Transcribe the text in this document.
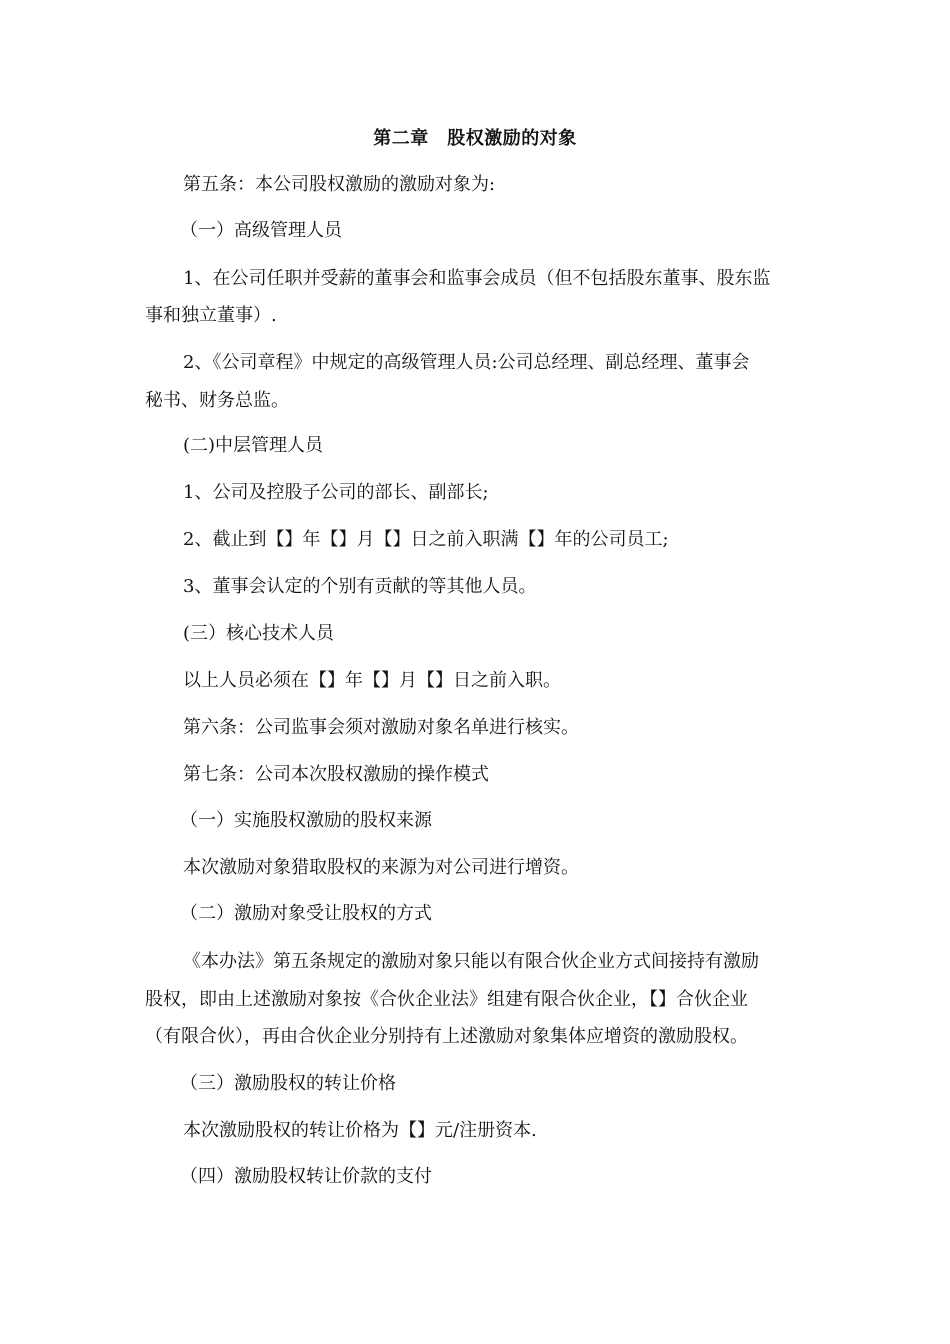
第二章　股权激励的对象
第五条：本公司股权激励的激励对象为:
（一）高级管理人员
1、在公司任职并受薪的董事会和监事会成员（但不包括股东董事、股东监
事和独立董事）.
2、《公司章程》中规定的高级管理人员:公司总经理、副总经理、董事会
秘书、财务总监。
(二)中层管理人员
1、公司及控股子公司的部长、副部长;
2、截止到【】年【】月【】日之前入职满【】年的公司员工;
3、董事会认定的个别有贡献的等其他人员。
(三）核心技术人员
以上人员必须在【】年【】月【】日之前入职。
第六条：公司监事会须对激励对象名单进行核实。
第七条：公司本次股权激励的操作模式
（一）实施股权激励的股权来源
本次激励对象猎取股权的来源为对公司进行增资。
（二）激励对象受让股权的方式
《本办法》第五条规定的激励对象只能以有限合伙企业方式间接持有激励
股权，即由上述激励对象按《合伙企业法》组建有限合伙企业，【】合伙企业
（有限合伙），再由合伙企业分别持有上述激励对象集体应增资的激励股权。
（三）激励股权的转让价格
本次激励股权的转让价格为【】元/注册资本.
（四）激励股权转让价款的支付
